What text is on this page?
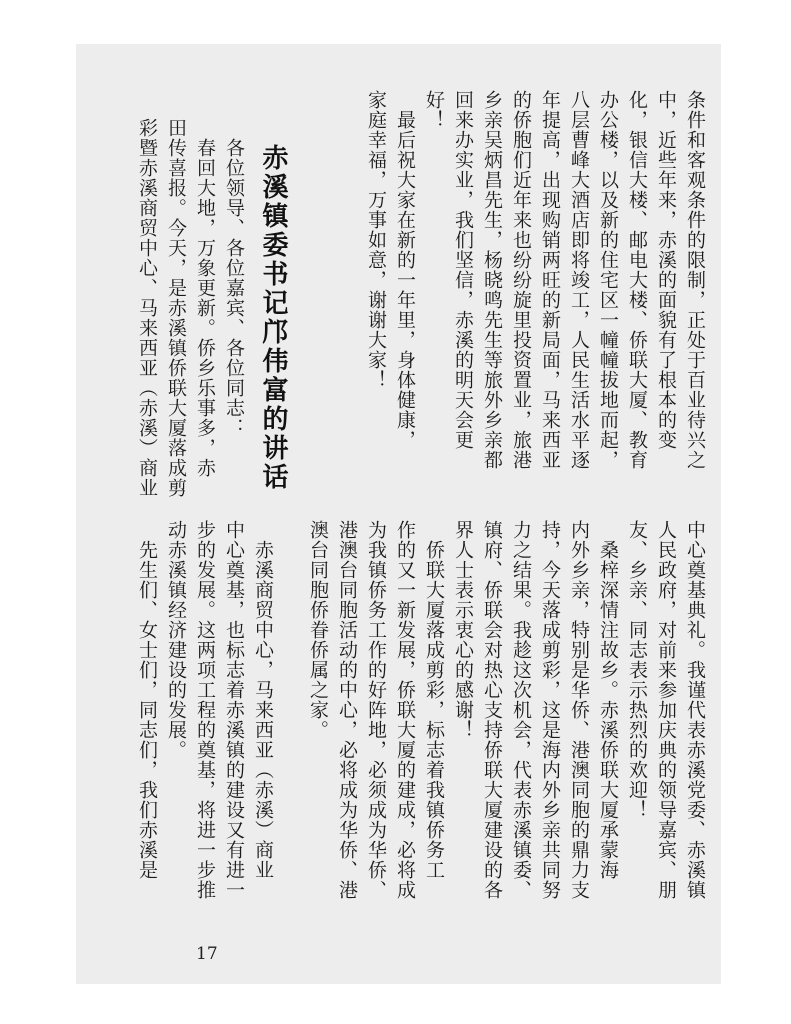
条件和客观条件的限制，正处于百业待兴之

中，近些年来，赤溪的面貌有了根本的变

化，银信大楼、邮电大楼、侨联大厦、教育

办公楼，以及新的住宅区一幢幢拔地而起，

八层曹峰大酒店即将竣工，人民生活水平逐

年提高，出现购销两旺的新局面，马来西亚

的侨胞们近年来也纷纷旋里投资置业，旅港

乡亲吴炳昌先生，杨晓鸣先生等旅外乡亲都

回来办实业，我们坚信，赤溪的明天会更

好！

　最后祝大家在新的一年里，身体健康，

家庭幸福，万事如意，谢谢大家！

赤溪镇委书记邝伟富的讲话

　各位领导、各位嘉宾、各位同志：

　春回大地，万象更新。侨乡乐事多，赤

田传喜报。今天，是赤溪镇侨联大厦落成剪

彩暨赤溪商贸中心、马来西亚（赤溪）商业

中心奠基典礼。我谨代表赤溪党委、赤溪镇

人民政府，对前来参加庆典的领导嘉宾、朋

友、乡亲、同志表示热烈的欢迎！

　桑梓深情注故乡。赤溪侨联大厦承蒙海

内外乡亲，特别是华侨、港澳同胞的鼎力支

持，今天落成剪彩，这是海内外乡亲共同努

力之结果。我趁这次机会，代表赤溪镇委、

镇府、侨联会对热心支持侨联大厦建设的各

界人士表示衷心的感谢！

　侨联大厦落成剪彩，标志着我镇侨务工

作的又一新发展，侨联大厦的建成，必将成

为我镇侨务工作的好阵地，必须成为华侨、

港澳台同胞活动的中心，必将成为华侨、港

澳台同胞侨眷侨属之家。

　赤溪商贸中心，马来西亚（赤溪）商业

中心奠基，也标志着赤溪镇的建设又有进一

步的发展。这两项工程的奠基，将进一步推

动赤溪镇经济建设的发展。

　先生们、女士们，同志们，我们赤溪是

17
